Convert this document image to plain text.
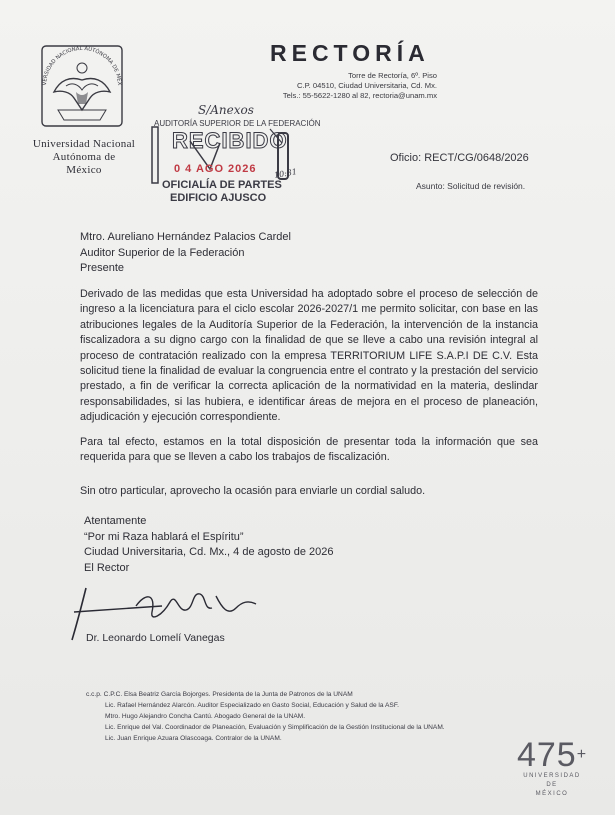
VERSIDAD NACIONAL AUTÓNOMA DE MÉX
Universidad Nacional
Autónoma de
México
RECTORÍA
Torre de Rectoría, 6º. Piso
C.P. 04510, Ciudad Universitaria, Cd. Mx.
Tels.: 55-5622-1280 al 82, rectoria@unam.mx
S/Anexos
AUDITORÍA SUPERIOR DE LA FEDERACIÓN
RECIBIDO
0 4 AGO 2026
OFICIALÍA DE PARTES
EDIFICIO AJUSCO
10:31
Oficio: RECT/CG/0648/2026
Asunto: Solicitud de revisión.
Mtro. Aureliano Hernández Palacios Cardel
Auditor Superior de la Federación
Presente

Derivado de las medidas que esta Universidad ha adoptado sobre el proceso de selección de ingreso a la licenciatura para el ciclo escolar 2026-2027/1 me permito solicitar, con base en las atribuciones legales de la Auditoría Superior de la Federación, la intervención de la instancia fiscalizadora a su digno cargo con la finalidad de que se lleve a cabo una revisión integral al proceso de contratación realizado con la empresa TERRITORIUM LIFE S.A.P.I DE C.V. Esta solicitud tiene la finalidad de evaluar la congruencia entre el contrato y la prestación del servicio prestado, a fin de verificar la correcta aplicación de la normatividad en la materia, deslindar responsabilidades, si las hubiera, e identificar áreas de mejora en el proceso de planeación, adjudicación y ejecución correspondiente.

Para tal efecto, estamos en la total disposición de presentar toda la información que sea requerida para que se lleven a cabo los trabajos de fiscalización.

Sin otro particular, aprovecho la ocasión para enviarle un cordial saludo.

Atentamente
“Por mi Raza hablará el Espíritu”
Ciudad Universitaria, Cd. Mx., 4 de agosto de 2026
El Rector
Dr. Leonardo Lomelí Vanegas
c.c.p. C.P.C. Elsa Beatriz García Bojorges. Presidenta de la Junta de Patronos de la UNAM
Lic. Rafael Hernández Alarcón. Auditor Especializado en Gasto Social, Educación y Salud de la ASF.
Mtro. Hugo Alejandro Concha Cantú. Abogado General de la UNAM.
Lic. Enrique del Val. Coordinador de Planeación, Evaluación y Simplificación de la Gestión Institucional de la UNAM.
Lic. Juan Enrique Azuara Olascoaga. Contralor de la UNAM.	475+
UNIVERSIDAD
DE
MÉXICO
